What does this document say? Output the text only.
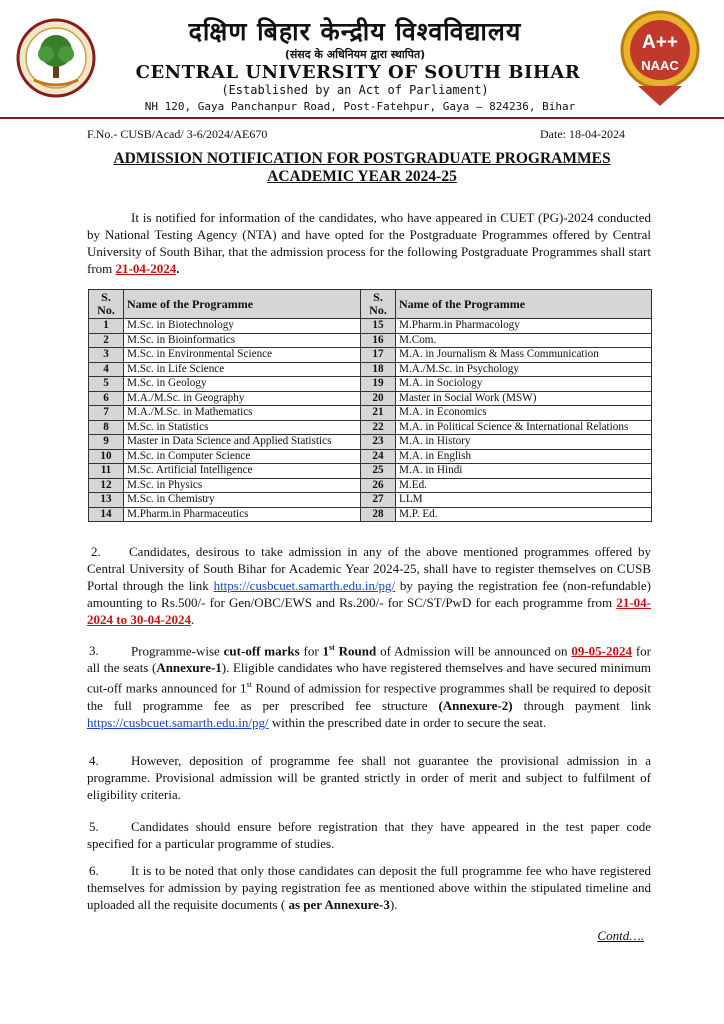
दक्षिण बिहार केन्द्रीय विश्वविद्यालय
(संसद के अधिनियम द्वारा स्थापित)
CENTRAL UNIVERSITY OF SOUTH BIHAR
(Established by an Act of Parliament)
NH 120, Gaya Panchanpur Road, Post-Fatehpur, Gaya – 824236, Bihar
A++
NAAC
F.No.- CUSB/Acad/ 3-6/2024/AE670	Date: 18-04-2024
ADMISSION NOTIFICATION FOR POSTGRADUATE PROGRAMMES
ACADEMIC YEAR 2024-25

It is notified for information of the candidates, who have appeared in CUET (PG)-2024 conducted by National Testing Agency (NTA) and have opted for the Postgraduate Programmes offered by Central University of South Bihar, that the admission process for the following Postgraduate Programmes shall start from 21-04-2024.

S. No.	Name of the Programme	S. No.	Name of the Programme
1	M.Sc. in Biotechnology	15	M.Pharm.in Pharmacology
2	M.Sc. in Bioinformatics	16	M.Com.
3	M.Sc. in Environmental Science	17	M.A. in Journalism & Mass Communication
4	M.Sc. in Life Science	18	M.A./M.Sc. in Psychology
5	M.Sc. in Geology	19	M.A. in Sociology
6	M.A./M.Sc. in Geography	20	Master in Social Work (MSW)
7	M.A./M.Sc. in Mathematics	21	M.A. in Economics
8	M.Sc. in Statistics	22	M.A. in Political Science & International Relations
9	Master in Data Science and Applied Statistics	23	M.A. in History
10	M.Sc. in Computer Science	24	M.A. in English
11	M.Sc. Artificial Intelligence	25	M.A. in Hindi
12	M.Sc. in Physics	26	M.Ed.
13	M.Sc. in Chemistry	27	LLM
14	M.Pharm.in Pharmaceutics	28	M.P. Ed.

2. Candidates, desirous to take admission in any of the above mentioned programmes offered by Central University of South Bihar for Academic Year 2024-25, shall have to register themselves on CUSB Portal through the link https://cusbcuet.samarth.edu.in/pg/ by paying the registration fee (non-refundable) amounting to Rs.500/- for Gen/OBC/EWS and Rs.200/- for SC/ST/PwD for each programme from 21-04-2024 to 30-04-2024.

3. Programme-wise cut-off marks for 1st Round of Admission will be announced on 09-05-2024 for all the seats (Annexure-1). Eligible candidates who have registered themselves and have secured minimum cut-off marks announced for 1st Round of admission for respective programmes shall be required to deposit the full programme fee as per prescribed fee structure (Annexure-2) through payment link https://cusbcuet.samarth.edu.in/pg/ within the prescribed date in order to secure the seat.

4. However, deposition of programme fee shall not guarantee the provisional admission in a programme. Provisional admission will be granted strictly in order of merit and subject to fulfilment of eligibility criteria.

5. Candidates should ensure before registration that they have appeared in the test paper code specified for a particular programme of studies.

6. It is to be noted that only those candidates can deposit the full programme fee who have registered themselves for admission by paying registration fee as mentioned above within the stipulated timeline and uploaded all the requisite documents ( as per Annexure-3).

Contd….
